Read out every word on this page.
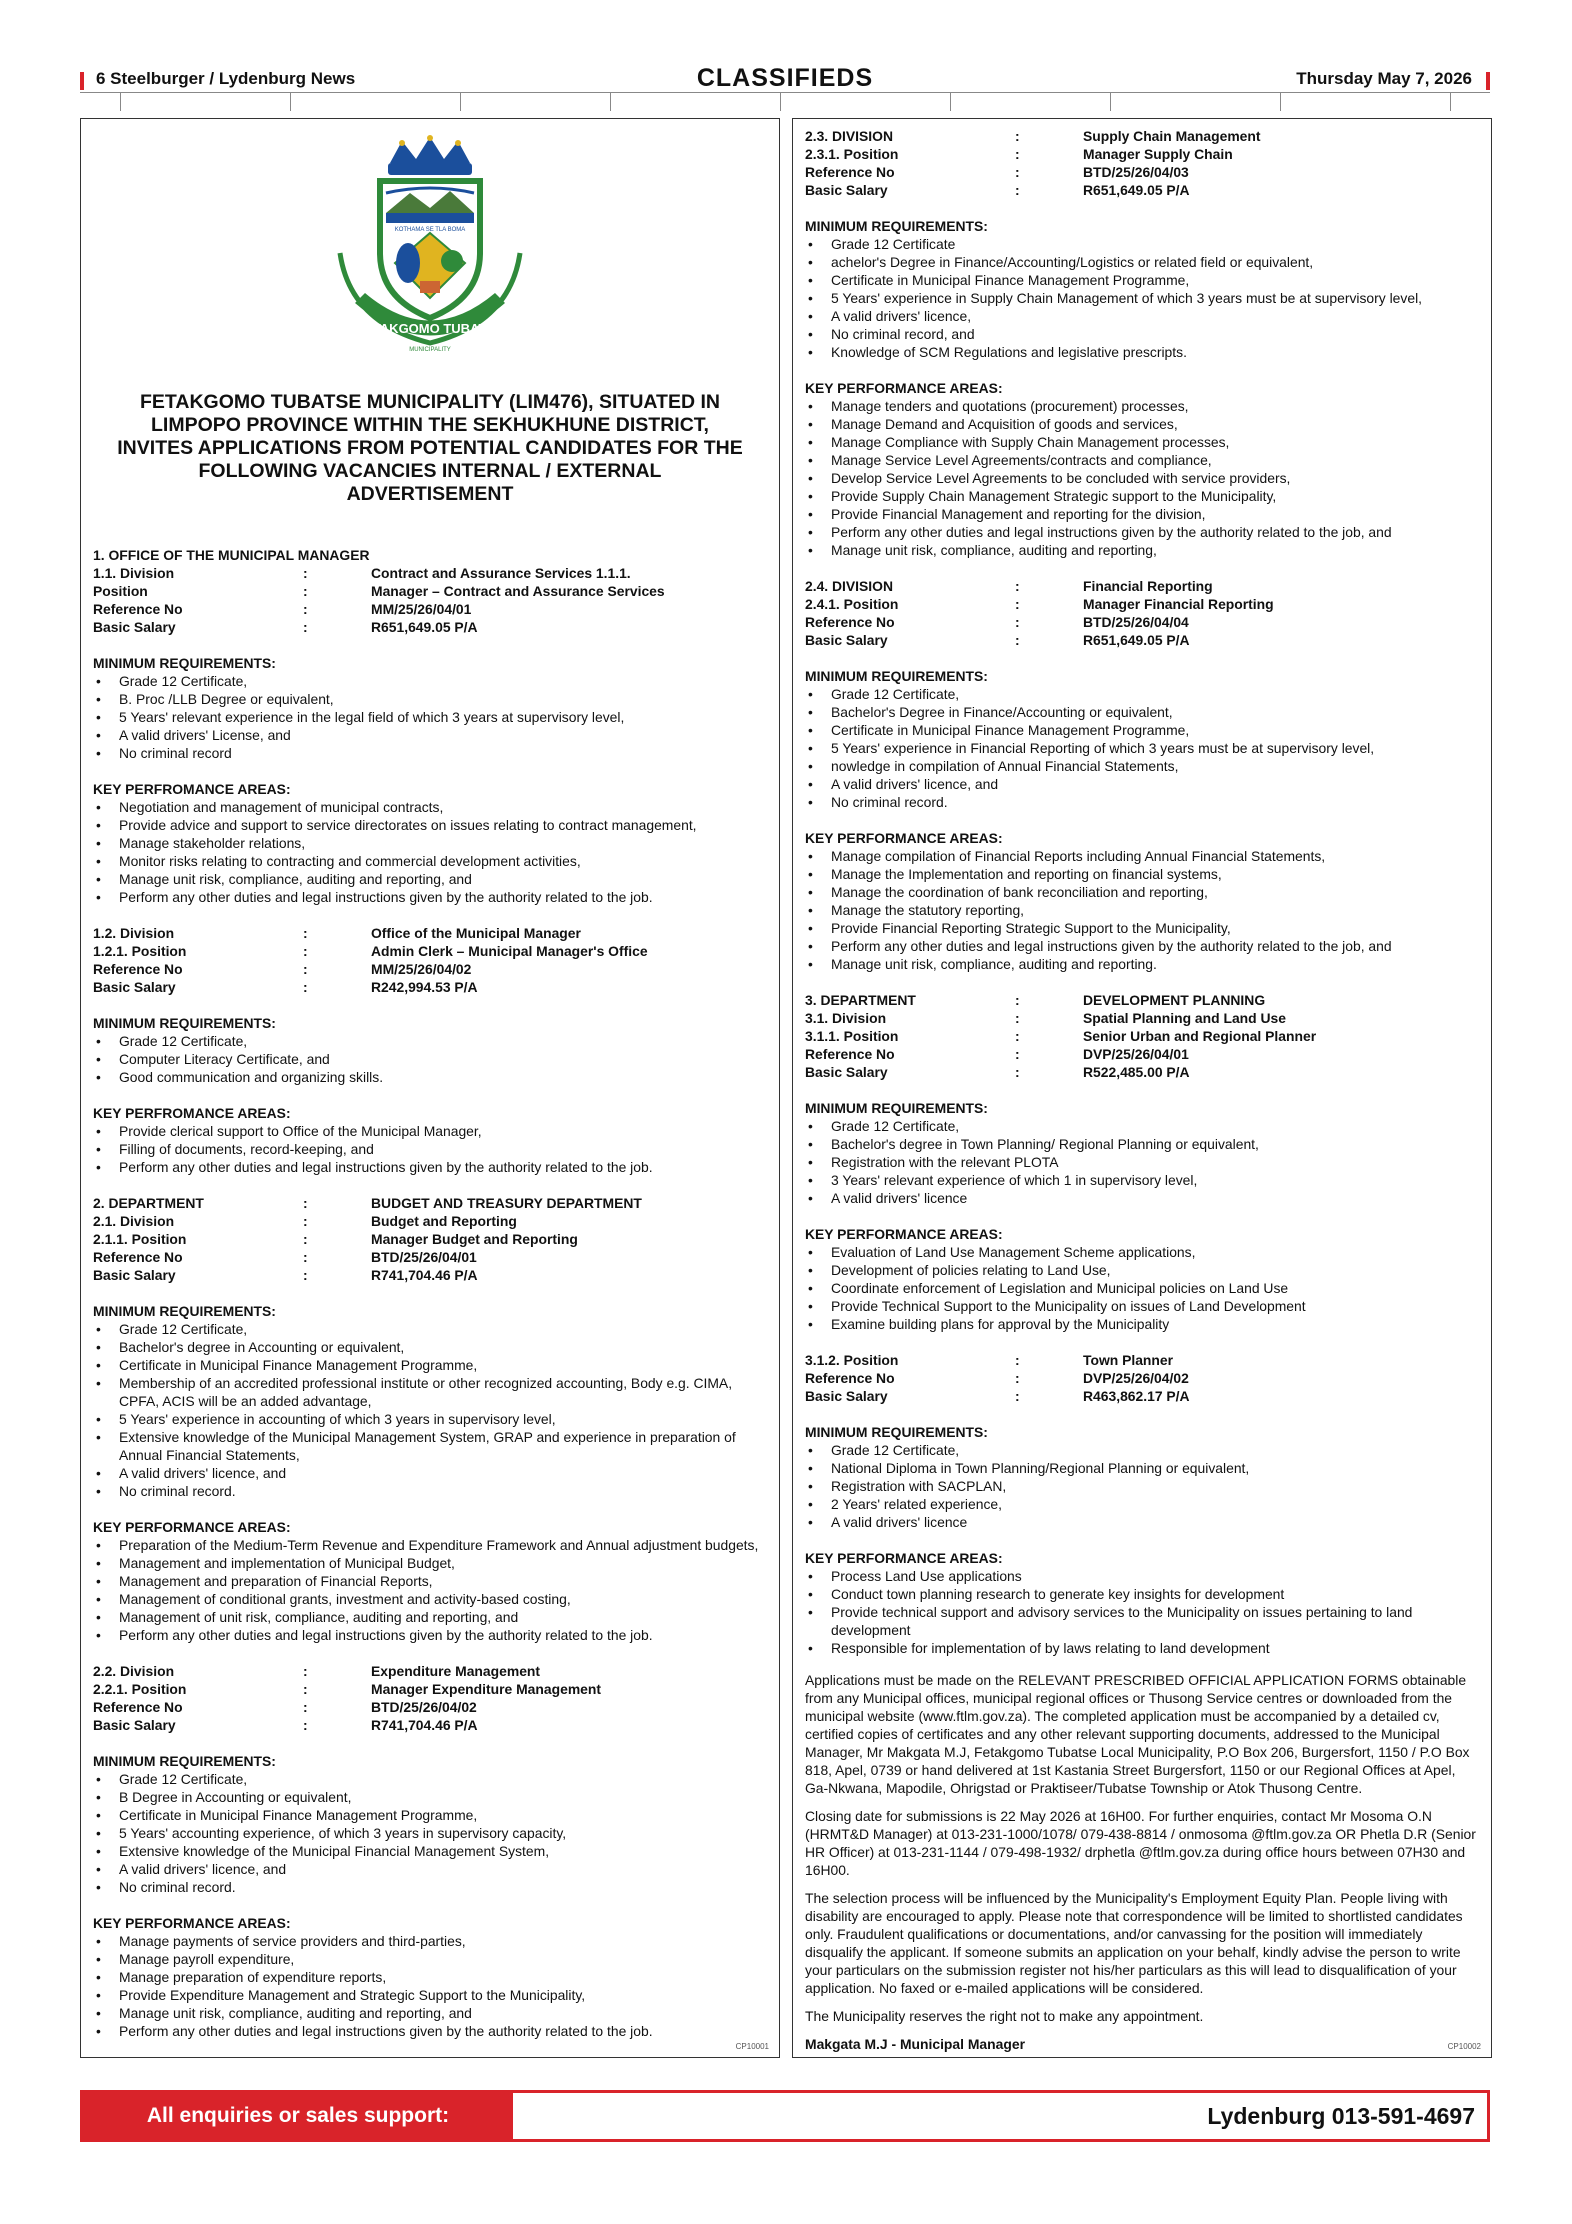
6 Steelburger / Lydenburg News	CLASSIFIEDS	Thursday May 7, 2026
KOTHAMA SE TLA BOMA
FETAKGOMO TUBATSE
MUNICIPALITY
FETAKGOMO TUBATSE MUNICIPALITY (LIM476), SITUATED IN LIMPOPO PROVINCE WITHIN THE SEKHUKHUNE DISTRICT, INVITES APPLICATIONS FROM POTENTIAL CANDIDATES FOR THE FOLLOWING VACANCIES INTERNAL / EXTERNAL ADVERTISEMENT
1. OFFICE OF THE MUNICIPAL MANAGER
1.1. Division	:	Contract and Assurance Services 1.1.1.
Position	:	Manager – Contract and Assurance Services
Reference No	:	MM/25/26/04/01
Basic Salary	:	R651,649.05 P/A
MINIMUM REQUIREMENTS:
• Grade 12 Certificate,
• B. Proc /LLB Degree or equivalent,
• 5 Years' relevant experience in the legal field of which 3 years at supervisory level,
• A valid drivers' License, and
• No criminal record
KEY PERFROMANCE AREAS:
• Negotiation and management of municipal contracts,
• Provide advice and support to service directorates on issues relating to contract management,
• Manage stakeholder relations,
• Monitor risks relating to contracting and commercial development activities,
• Manage unit risk, compliance, auditing and reporting, and
• Perform any other duties and legal instructions given by the authority related to the job.
1.2. Division	:	Office of the Municipal Manager
1.2.1. Position	:	Admin Clerk – Municipal Manager's Office
Reference No	:	MM/25/26/04/02
Basic Salary	:	R242,994.53 P/A
MINIMUM REQUIREMENTS:
• Grade 12 Certificate,
• Computer Literacy Certificate, and
• Good communication and organizing skills.
KEY PERFROMANCE AREAS:
• Provide clerical support to Office of the Municipal Manager,
• Filling of documents, record-keeping, and
• Perform any other duties and legal instructions given by the authority related to the job.
2. DEPARTMENT	:	BUDGET AND TREASURY DEPARTMENT
2.1. Division	:	Budget and Reporting
2.1.1. Position	:	Manager Budget and Reporting
Reference No	:	BTD/25/26/04/01
Basic Salary	:	R741,704.46 P/A
MINIMUM REQUIREMENTS:
• Grade 12 Certificate,
• Bachelor's degree in Accounting or equivalent,
• Certificate in Municipal Finance Management Programme,
• Membership of an accredited professional institute or other recognized accounting, Body e.g. CIMA, CPFA, ACIS will be an added advantage,
• 5 Years' experience in accounting of which 3 years in supervisory level,
• Extensive knowledge of the Municipal Management System, GRAP and experience in preparation of Annual Financial Statements,
• A valid drivers' licence, and
• No criminal record.
KEY PERFORMANCE AREAS:
• Preparation of the Medium-Term Revenue and Expenditure Framework and Annual adjustment budgets,
• Management and implementation of Municipal Budget,
• Management and preparation of Financial Reports,
• Management of conditional grants, investment and activity-based costing,
• Management of unit risk, compliance, auditing and reporting, and
• Perform any other duties and legal instructions given by the authority related to the job.
2.2. Division	:	Expenditure Management
2.2.1. Position	:	Manager Expenditure Management
Reference No	:	BTD/25/26/04/02
Basic Salary	:	R741,704.46 P/A
MINIMUM REQUIREMENTS:
• Grade 12 Certificate,
• B Degree in Accounting or equivalent,
• Certificate in Municipal Finance Management Programme,
• 5 Years' accounting experience, of which 3 years in supervisory capacity,
• Extensive knowledge of the Municipal Financial Management System,
• A valid drivers' licence, and
• No criminal record.
KEY PERFORMANCE AREAS:
• Manage payments of service providers and third-parties,
• Manage payroll expenditure,
• Manage preparation of expenditure reports,
• Provide Expenditure Management and Strategic Support to the Municipality,
• Manage unit risk, compliance, auditing and reporting, and
• Perform any other duties and legal instructions given by the authority related to the job.
CP10001
2.3. DIVISION	:	Supply Chain Management
2.3.1. Position	:	Manager Supply Chain
Reference No	:	BTD/25/26/04/03
Basic Salary	:	R651,649.05 P/A
MINIMUM REQUIREMENTS:
• Grade 12 Certificate
• achelor's Degree in Finance/Accounting/Logistics or related field or equivalent,
• Certificate in Municipal Finance Management Programme,
• 5 Years' experience in Supply Chain Management of which 3 years must be at supervisory level,
• A valid drivers' licence,
• No criminal record, and
• Knowledge of SCM Regulations and legislative prescripts.
KEY PERFORMANCE AREAS:
• Manage tenders and quotations (procurement) processes,
• Manage Demand and Acquisition of goods and services,
• Manage Compliance with Supply Chain Management processes,
• Manage Service Level Agreements/contracts and compliance,
• Develop Service Level Agreements to be concluded with service providers,
• Provide Supply Chain Management Strategic support to the Municipality,
• Provide Financial Management and reporting for the division,
• Perform any other duties and legal instructions given by the authority related to the job, and
• Manage unit risk, compliance, auditing and reporting,
2.4. DIVISION	:	Financial Reporting
2.4.1. Position	:	Manager Financial Reporting
Reference No	:	BTD/25/26/04/04
Basic Salary	:	R651,649.05 P/A
MINIMUM REQUIREMENTS:
• Grade 12 Certificate,
• Bachelor's Degree in Finance/Accounting or equivalent,
• Certificate in Municipal Finance Management Programme,
• 5 Years' experience in Financial Reporting of which 3 years must be at supervisory level,
• nowledge in compilation of Annual Financial Statements,
• A valid drivers' licence, and
• No criminal record.
KEY PERFORMANCE AREAS:
• Manage compilation of Financial Reports including Annual Financial Statements,
• Manage the Implementation and reporting on financial systems,
• Manage the coordination of bank reconciliation and reporting,
• Manage the statutory reporting,
• Provide Financial Reporting Strategic Support to the Municipality,
• Perform any other duties and legal instructions given by the authority related to the job, and
• Manage unit risk, compliance, auditing and reporting.
3. DEPARTMENT	:	DEVELOPMENT PLANNING
3.1. Division	:	Spatial Planning and Land Use
3.1.1. Position	:	Senior Urban and Regional Planner
Reference No	:	DVP/25/26/04/01
Basic Salary	:	R522,485.00 P/A
MINIMUM REQUIREMENTS:
• Grade 12 Certificate,
• Bachelor's degree in Town Planning/ Regional Planning or equivalent,
• Registration with the relevant PLOTA
• 3 Years' relevant experience of which 1 in supervisory level,
• A valid drivers' licence
KEY PERFORMANCE AREAS:
• Evaluation of Land Use Management Scheme applications,
• Development of policies relating to Land Use,
• Coordinate enforcement of Legislation and Municipal policies on Land Use
• Provide Technical Support to the Municipality on issues of Land Development
• Examine building plans for approval by the Municipality
3.1.2. Position	:	Town Planner
Reference No	:	DVP/25/26/04/02
Basic Salary	:	R463,862.17 P/A
MINIMUM REQUIREMENTS:
• Grade 12 Certificate,
• National Diploma in Town Planning/Regional Planning or equivalent,
• Registration with SACPLAN,
• 2 Years' related experience,
• A valid drivers' licence
KEY PERFORMANCE AREAS:
• Process Land Use applications
• Conduct town planning research to generate key insights for development
• Provide technical support and advisory services to the Municipality on issues pertaining to land development
• Responsible for implementation of by laws relating to land development
Applications must be made on the RELEVANT PRESCRIBED OFFICIAL APPLICATION FORMS obtainable from any Municipal offices, municipal regional offices or Thusong Service centres or downloaded from the municipal website (www.ftlm.gov.za). The completed application must be accompanied by a detailed cv, certified copies of certificates and any other relevant supporting documents, addressed to the Municipal Manager, Mr Makgata M.J, Fetakgomo Tubatse Local Municipality, P.O Box 206, Burgersfort, 1150 / P.O Box 818, Apel, 0739 or hand delivered at 1st Kastania Street Burgersfort, 1150 or our Regional Offices at Apel, Ga-Nkwana, Mapodile, Ohrigstad or Praktiseer/Tubatse Township or Atok Thusong Centre.
Closing date for submissions is 22 May 2026 at 16H00. For further enquiries, contact Mr Mosoma O.N (HRMT&D Manager) at 013-231-1000/1078/ 079-438-8814 / onmosoma @ftlm.gov.za OR Phetla D.R (Senior HR Officer) at 013-231-1144 / 079-498-1932/ drphetla @ftlm.gov.za during office hours between 07H30 and 16H00.
The selection process will be influenced by the Municipality's Employment Equity Plan. People living with disability are encouraged to apply. Please note that correspondence will be limited to shortlisted candidates only. Fraudulent qualifications or documentations, and/or canvassing for the position will immediately disqualify the applicant. If someone submits an application on your behalf, kindly advise the person to write your particulars on the submission register not his/her particulars as this will lead to disqualification of your application. No faxed or e-mailed applications will be considered.
The Municipality reserves the right not to make any appointment.
Makgata M.J - Municipal Manager	CP10002
All enquiries or sales support:	Lydenburg 013-591-4697
